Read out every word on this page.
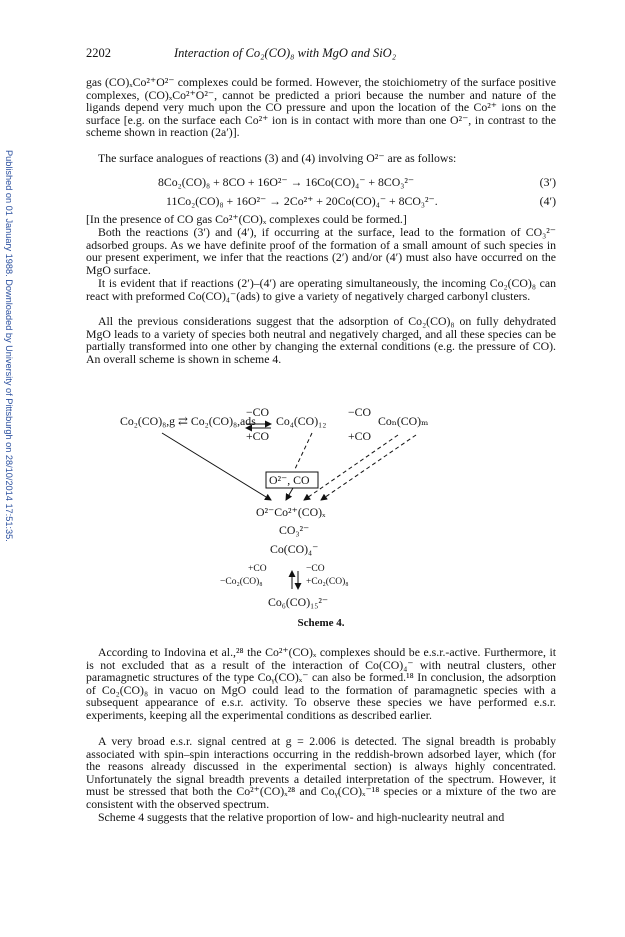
Published on 01 January 1988. Downloaded by University of Pittsburgh on 28/10/2014 17:51:35.
2202	Interaction of Co₂(CO)₈ with MgO and SiO₂

gas (CO)ₓCo²⁺O²⁻ complexes could be formed. However, the stoichiometry of the surface positive complexes, (CO)ₓCo²⁺O²⁻, cannot be predicted a priori because the number and nature of the ligands depend very much upon the CO pressure and upon the location of the Co²⁺ ions on the surface [e.g. on the surface each Co²⁺ ion is in contact with more than one O²⁻, in contrast to the scheme shown in reaction (2a′)].

The surface analogues of reactions (3) and (4) involving O²⁻ are as follows:

8Co₂(CO)₈ + 8CO + 16O²⁻ → 16Co(CO)₄⁻ + 8CO₃²⁻	(3′)
11Co₂(CO)₈ + 16O²⁻ → 2Co²⁺ + 20Co(CO)₄⁻ + 8CO₃²⁻.	(4′)

[In the presence of CO gas Co²⁺(CO)ₓ complexes could be formed.]

Both the reactions (3′) and (4′), if occurring at the surface, lead to the formation of CO₃²⁻ adsorbed groups. As we have definite proof of the formation of a small amount of such species in our present experiment, we infer that the reactions (2′) and/or (4′) must also have occurred on the MgO surface.

It is evident that if reactions (2′)–(4′) are operating simultaneously, the incoming Co₂(CO)₈ can react with preformed Co(CO)₄⁻(ads) to give a variety of negatively charged carbonyl clusters.

All the previous considerations suggest that the adsorption of Co₂(CO)₈ on fully dehydrated MgO leads to a variety of species both neutral and negatively charged, and all these species can be partially transformed into one other by changing the external conditions (e.g. the pressure of CO). An overall scheme is shown in scheme 4.

Co₂(CO)₈,g ⇄ Co₂(CO)₈,ads
−CO
+CO
Co₄(CO)₁₂
−CO
+CO
Coₙ(CO)ₘ
O²⁻, CO
O²⁻Co²⁺(CO)ₓ
CO₃²⁻
Co(CO)₄⁻
+CO
−Co₂(CO)₈
−CO
+Co₂(CO)₈
Co₆(CO)₁₅²⁻
Scheme 4.

According to Indovina et al.,²⁸ the Co²⁺(CO)ₓ complexes should be e.s.r.-active. Furthermore, it is not excluded that as a result of the interaction of Co(CO)₄⁻ with neutral clusters, other paramagnetic structures of the type Coᵧ(CO)ₓ⁻ can also be formed.¹⁸ In conclusion, the adsorption of Co₂(CO)₈ in vacuo on MgO could lead to the formation of paramagnetic species with a subsequent appearance of e.s.r. activity. To observe these species we have performed e.s.r. experiments, keeping all the experimental conditions as described earlier.

A very broad e.s.r. signal centred at g = 2.006 is detected. The signal breadth is probably associated with spin–spin interactions occurring in the reddish-brown adsorbed layer, which (for the reasons already discussed in the experimental section) is always highly concentrated. Unfortunately the signal breadth prevents a detailed interpretation of the spectrum. However, it must be stressed that both the Co²⁺(CO)ₓ²⁸ and Coᵧ(CO)ₓ⁻¹⁸ species or a mixture of the two are consistent with the observed spectrum.

Scheme 4 suggests that the relative proportion of low- and high-nuclearity neutral and
